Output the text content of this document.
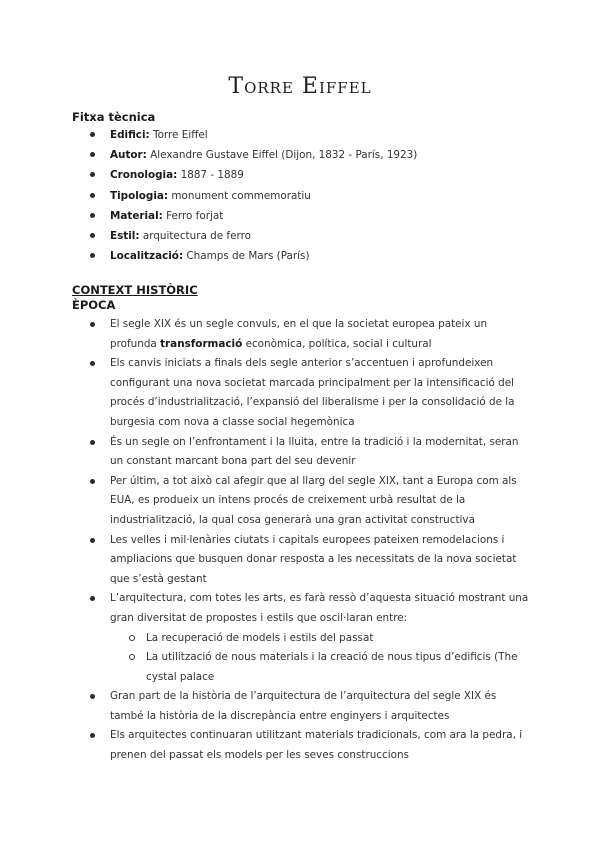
Torre Eiffel
Fitxa tècnica
Edifici: Torre Eiffel
Autor: Alexandre Gustave Eiffel (Dijon, 1832 - París, 1923)
Cronologia: 1887 - 1889
Tipologia: monument commemoratiu
Material: Ferro forjat
Estil: arquitectura de ferro
Localització: Champs de Mars (París)
CONTEXT HISTÒRIC
ÈPOCA
El segle XIX és un segle convuls, en el que la societat europea pateix un profunda transformació econòmica, política, social i cultural
Els canvis iniciats a finals dels segle anterior s’accentuen i aprofundeixen configurant una nova societat marcada principalment per la intensificació del procés d’industrialització, l’expansió del liberalisme i per la consolidació de la burgesia com nova a classe social hegemònica
És un segle on l’enfrontament i la lluita, entre la tradició i la modernitat, seran un constant marcant bona part del seu devenir
Per últim, a tot això cal afegir que al llarg del segle XIX, tant a Europa com als EUA, es produeix un intens procés de creixement urbà resultat de la industrialització, la qual cosa generarà una gran activitat constructiva
Les velles i mil·lenàries ciutats i capitals europees pateixen remodelacions i ampliacions que busquen donar resposta a les necessitats de la nova societat que s’està gestant
L’arquitectura, com totes les arts, es farà ressò d’aquesta situació mostrant una gran diversitat de propostes i estils que oscil·laran entre:
La recuperació de models i estils del passat
La utilització de nous materials i la creació de nous tipus d’edificis (The cystal palace
Gran part de la història de l’arquitectura de l’arquitectura del segle XIX és també la història de la discrepància entre enginyers i arquitectes
Els arquitectes continuaran utilitzant materials tradicionals, com ara la pedra, i prenen del passat els models per les seves construccions
